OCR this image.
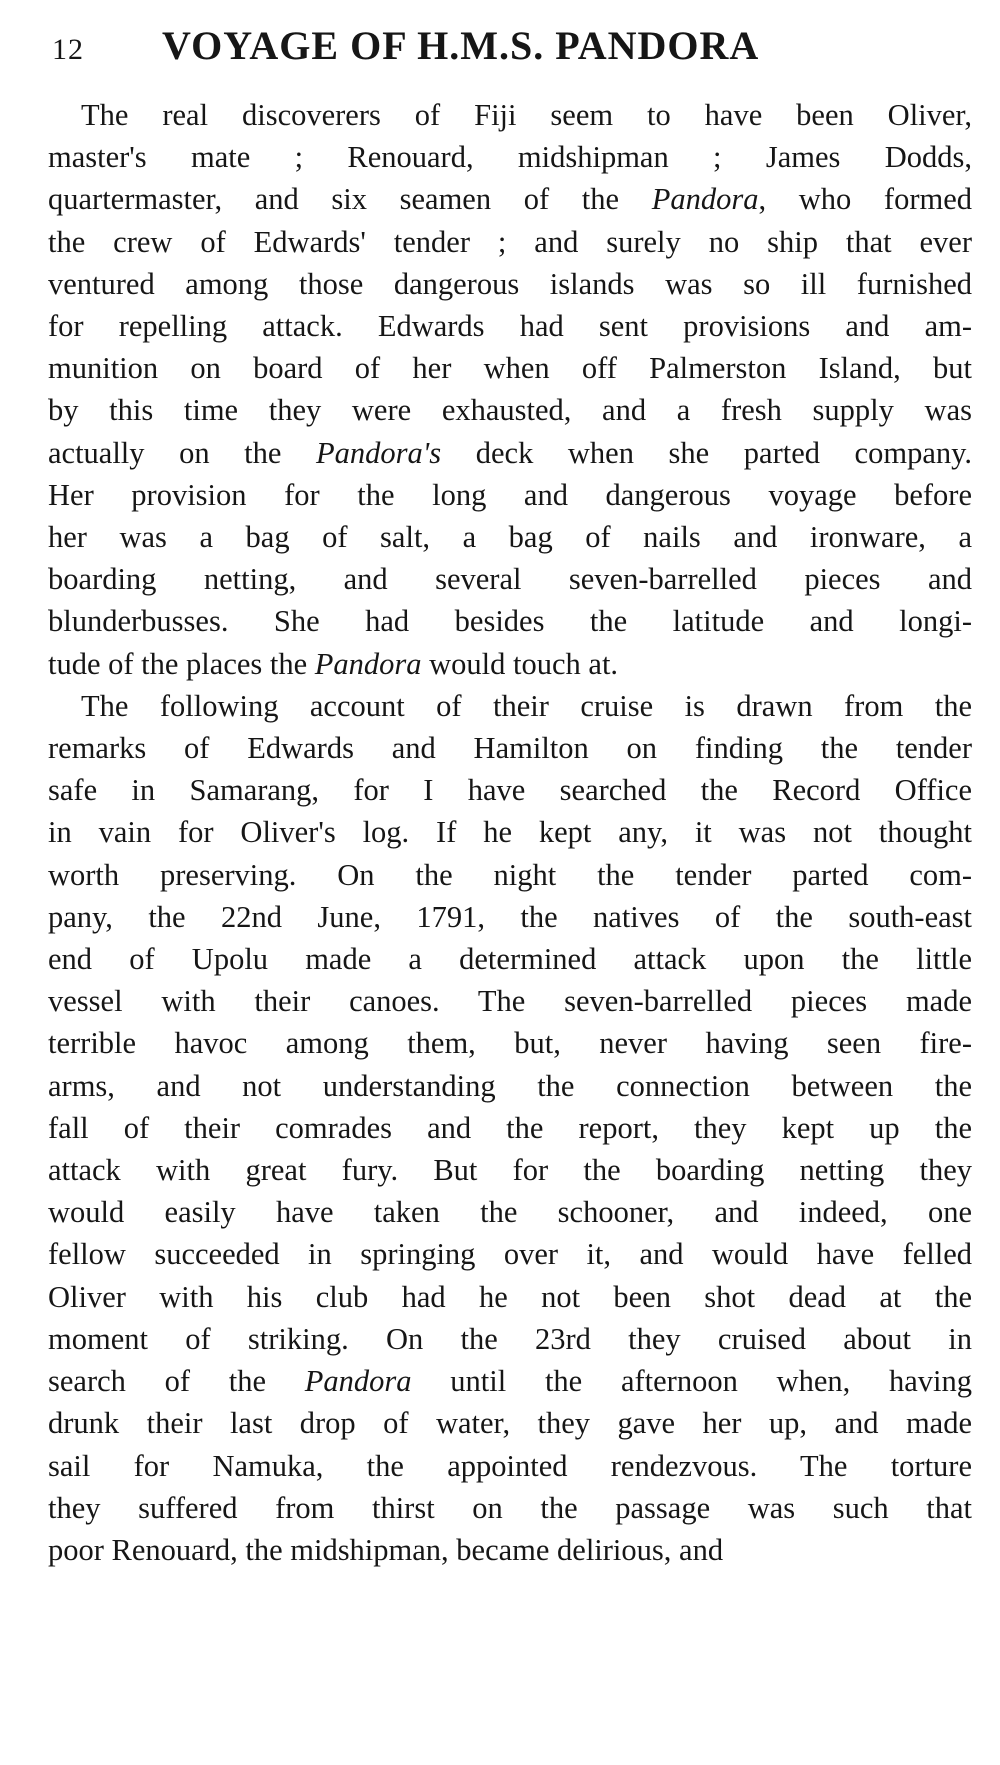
12	VOYAGE OF H.M.S. PANDORA

The real discoverers of Fiji seem to have been Oliver,
master's mate ; Renouard, midshipman ; James Dodds,
quartermaster, and six seamen of the Pandora, who formed
the crew of Edwards' tender ; and surely no ship that ever
ventured among those dangerous islands was so ill furnished
for repelling attack. Edwards had sent provisions and am-
munition on board of her when off Palmerston Island, but
by this time they were exhausted, and a fresh supply was
actually on the Pandora's deck when she parted company.
Her provision for the long and dangerous voyage before
her was a bag of salt, a bag of nails and ironware, a
boarding netting, and several seven-barrelled pieces and
blunderbusses. She had besides the latitude and longi-
tude of the places the Pandora would touch at.

The following account of their cruise is drawn from the
remarks of Edwards and Hamilton on finding the tender
safe in Samarang, for I have searched the Record Office
in vain for Oliver's log. If he kept any, it was not thought
worth preserving. On the night the tender parted com-
pany, the 22nd June, 1791, the natives of the south-east
end of Upolu made a determined attack upon the little
vessel with their canoes. The seven-barrelled pieces made
terrible havoc among them, but, never having seen fire-
arms, and not understanding the connection between the
fall of their comrades and the report, they kept up the
attack with great fury. But for the boarding netting they
would easily have taken the schooner, and indeed, one
fellow succeeded in springing over it, and would have felled
Oliver with his club had he not been shot dead at the
moment of striking. On the 23rd they cruised about in
search of the Pandora until the afternoon when, having
drunk their last drop of water, they gave her up, and made
sail for Namuka, the appointed rendezvous. The torture
they suffered from thirst on the passage was such that
poor Renouard, the midshipman, became delirious, and
